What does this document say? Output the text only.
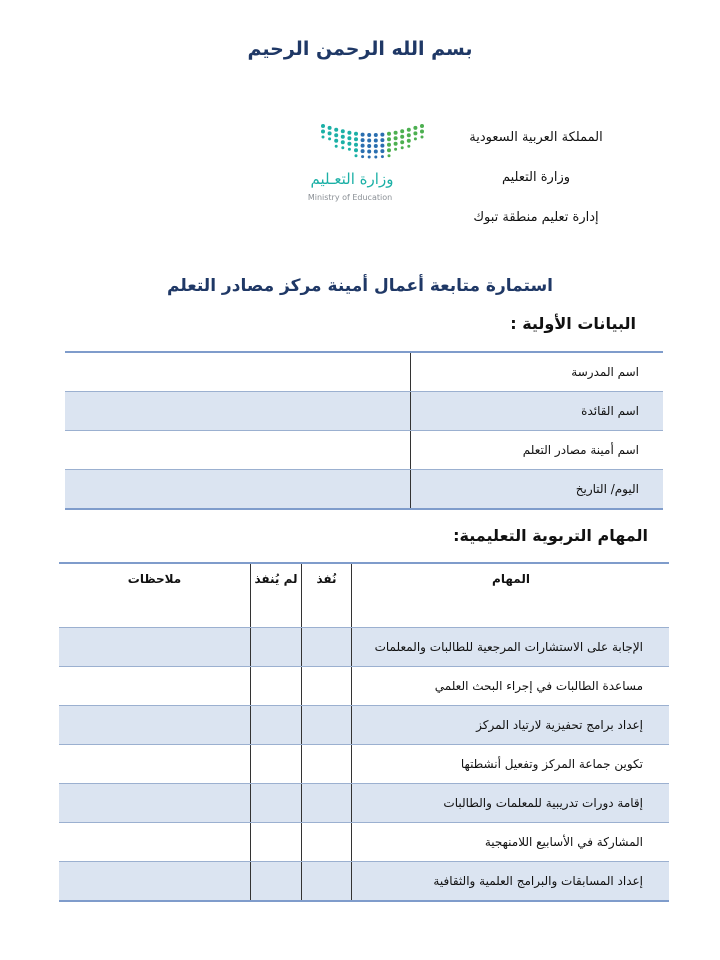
بسم الله الرحمن الرحيم
المملكة العربية السعودية
وزارة التعليم
إدارة تعليم منطقة تبوك
وزارة التعـليم
Ministry of Education
استمارة متابعة أعمال أمينة مركز مصادر التعلم
البيانات الأولية :
اسم المدرسة	
اسم القائدة	
اسم أمينة مصادر التعلم	
اليوم/ التاريخ	
المهام التربوية التعليمية:
المهام	نُفذ	لم يُنفذ	ملاحظات
الإجابة على الاستشارات المرجعية للطالبات والمعلمات			
مساعدة الطالبات في إجراء البحث العلمي			
إعداد برامج تحفيزية لارتياد المركز			
تكوين جماعة المركز وتفعيل أنشطتها			
إقامة دورات تدريبية للمعلمات والطالبات			
المشاركة في الأسابيع اللامنهجية			
إعداد المسابقات والبرامج العلمية والثقافية			
